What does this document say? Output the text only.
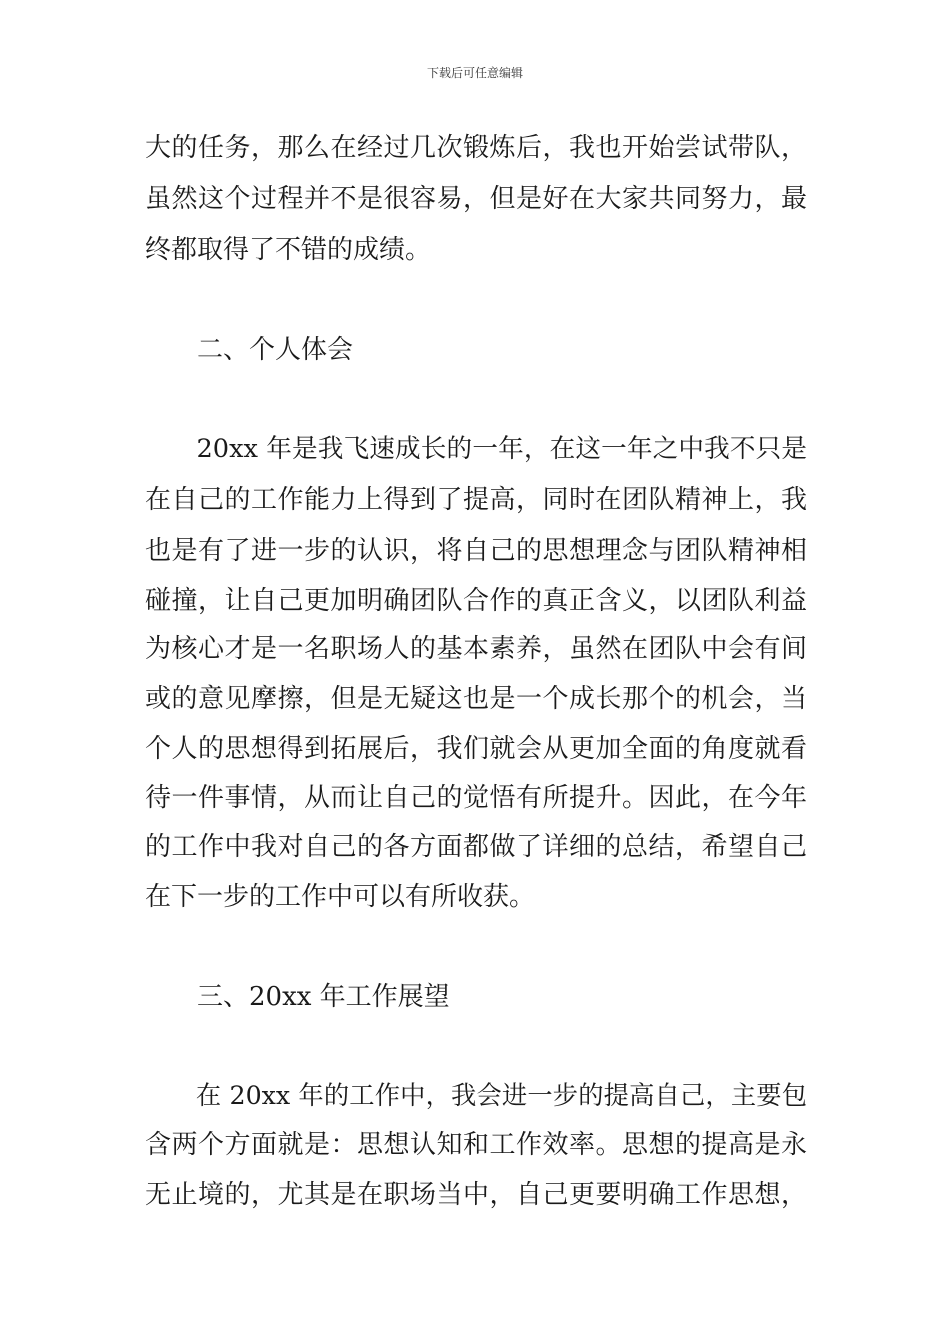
下载后可任意编辑
大的任务，那么在经过几次锻炼后，我也开始尝试带队，
虽然这个过程并不是很容易，但是好在大家共同努力，最
终都取得了不错的成绩。
二、个人体会
　　20xx 年是我飞速成长的一年，在这一年之中我不只是
在自己的工作能力上得到了提高，同时在团队精神上，我
也是有了进一步的认识，将自己的思想理念与团队精神相
碰撞，让自己更加明确团队合作的真正含义，以团队利益
为核心才是一名职场人的基本素养，虽然在团队中会有间
或的意见摩擦，但是无疑这也是一个成长那个的机会，当
个人的思想得到拓展后，我们就会从更加全面的角度就看
待一件事情，从而让自己的觉悟有所提升。因此，在今年
的工作中我对自己的各方面都做了详细的总结，希望自己
在下一步的工作中可以有所收获。
三、20xx 年工作展望
　　在 20xx 年的工作中，我会进一步的提高自己，主要包
含两个方面就是：思想认知和工作效率。思想的提高是永
无止境的，尤其是在职场当中，自己更要明确工作思想，
